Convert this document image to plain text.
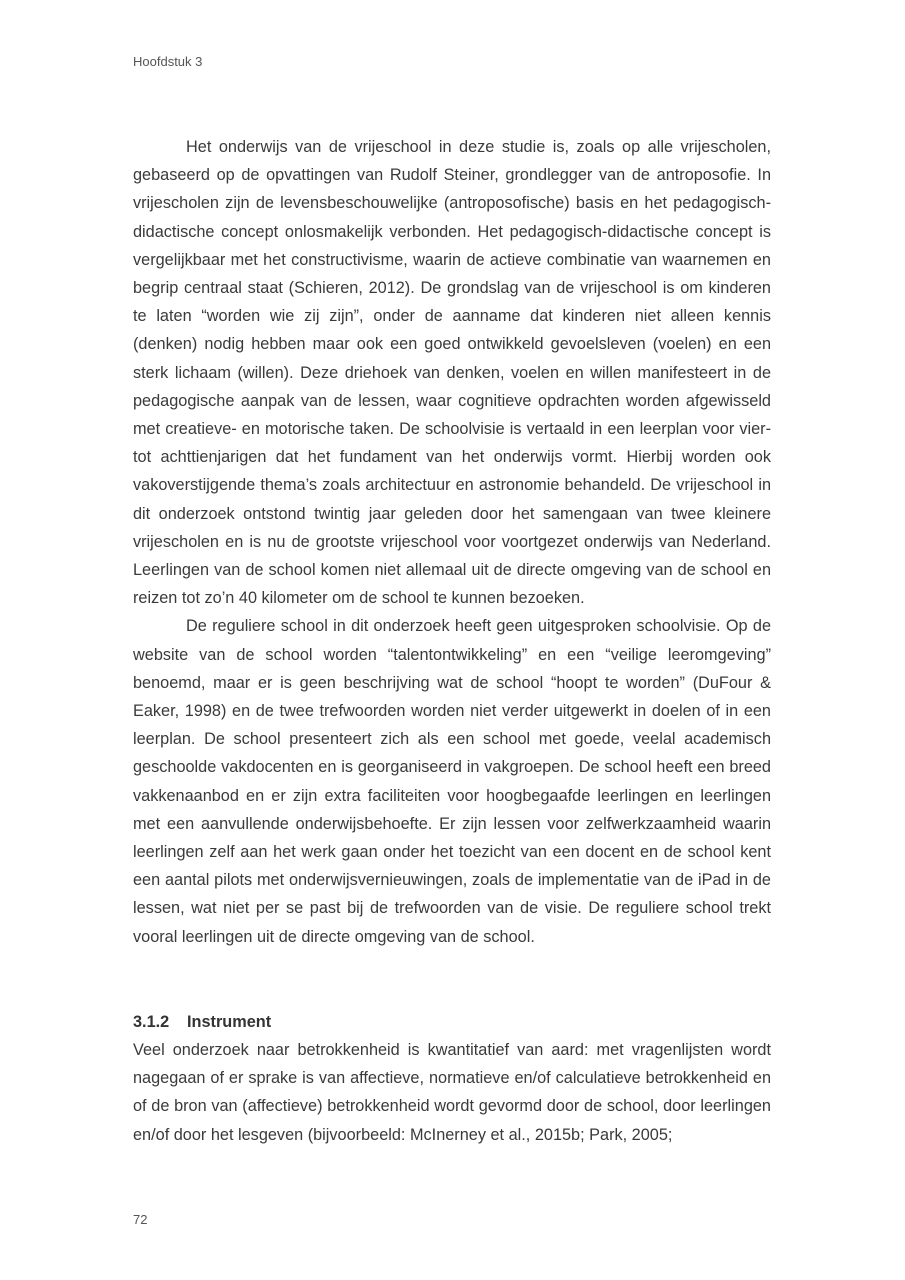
Hoofdstuk 3

Het onderwijs van de vrijeschool in deze studie is, zoals op alle vrijescholen, gebaseerd op de opvattingen van Rudolf Steiner, grondlegger van de antroposofie. In vrijescholen zijn de levensbeschouwelijke (antroposofische) basis en het pedagogisch-didactische concept onlosmakelijk verbonden. Het pedagogisch-didactische concept is vergelijkbaar met het constructivisme, waarin de actieve combinatie van waarnemen en begrip centraal staat (Schieren, 2012). De grondslag van de vrijeschool is om kinderen te laten “worden wie zij zijn”, onder de aanname dat kinderen niet alleen kennis (denken) nodig hebben maar ook een goed ontwikkeld gevoelsleven (voelen) en een sterk lichaam (willen). Deze driehoek van denken, voelen en willen manifesteert in de pedagogische aanpak van de lessen, waar cognitieve opdrachten worden afgewisseld met creatieve- en motorische taken. De schoolvisie is vertaald in een leerplan voor vier- tot achttienjarigen dat het fundament van het onderwijs vormt. Hierbij worden ook vakoverstijgende thema’s zoals architectuur en astronomie behandeld. De vrijeschool in dit onderzoek ontstond twintig jaar geleden door het samengaan van twee kleinere vrijescholen en is nu de grootste vrijeschool voor voortgezet onderwijs van Nederland. Leerlingen van de school komen niet allemaal uit de directe omgeving van de school en reizen tot zo’n 40 kilometer om de school te kunnen bezoeken.

De reguliere school in dit onderzoek heeft geen uitgesproken schoolvisie. Op de website van de school worden “talentontwikkeling” en een “veilige leeromgeving” benoemd, maar er is geen beschrijving wat de school “hoopt te worden” (DuFour & Eaker, 1998) en de twee trefwoorden worden niet verder uitgewerkt in doelen of in een leerplan. De school presenteert zich als een school met goede, veelal academisch geschoolde vakdocenten en is georganiseerd in vakgroepen. De school heeft een breed vakkenaanbod en er zijn extra faciliteiten voor hoogbegaafde leerlingen en leerlingen met een aanvullende onderwijsbehoefte. Er zijn lessen voor zelfwerkzaamheid waarin leerlingen zelf aan het werk gaan onder het toezicht van een docent en de school kent een aantal pilots met onderwijsvernieuwingen, zoals de implementatie van de iPad in de lessen, wat niet per se past bij de trefwoorden van de visie. De reguliere school trekt vooral leerlingen uit de directe omgeving van de school.

3.1.2 Instrument

Veel onderzoek naar betrokkenheid is kwantitatief van aard: met vragenlijsten wordt nagegaan of er sprake is van affectieve, normatieve en/of calculatieve betrokkenheid en of de bron van (affectieve) betrokkenheid wordt gevormd door de school, door leerlingen en/of door het lesgeven (bijvoorbeeld: McInerney et al., 2015b; Park, 2005;

72
